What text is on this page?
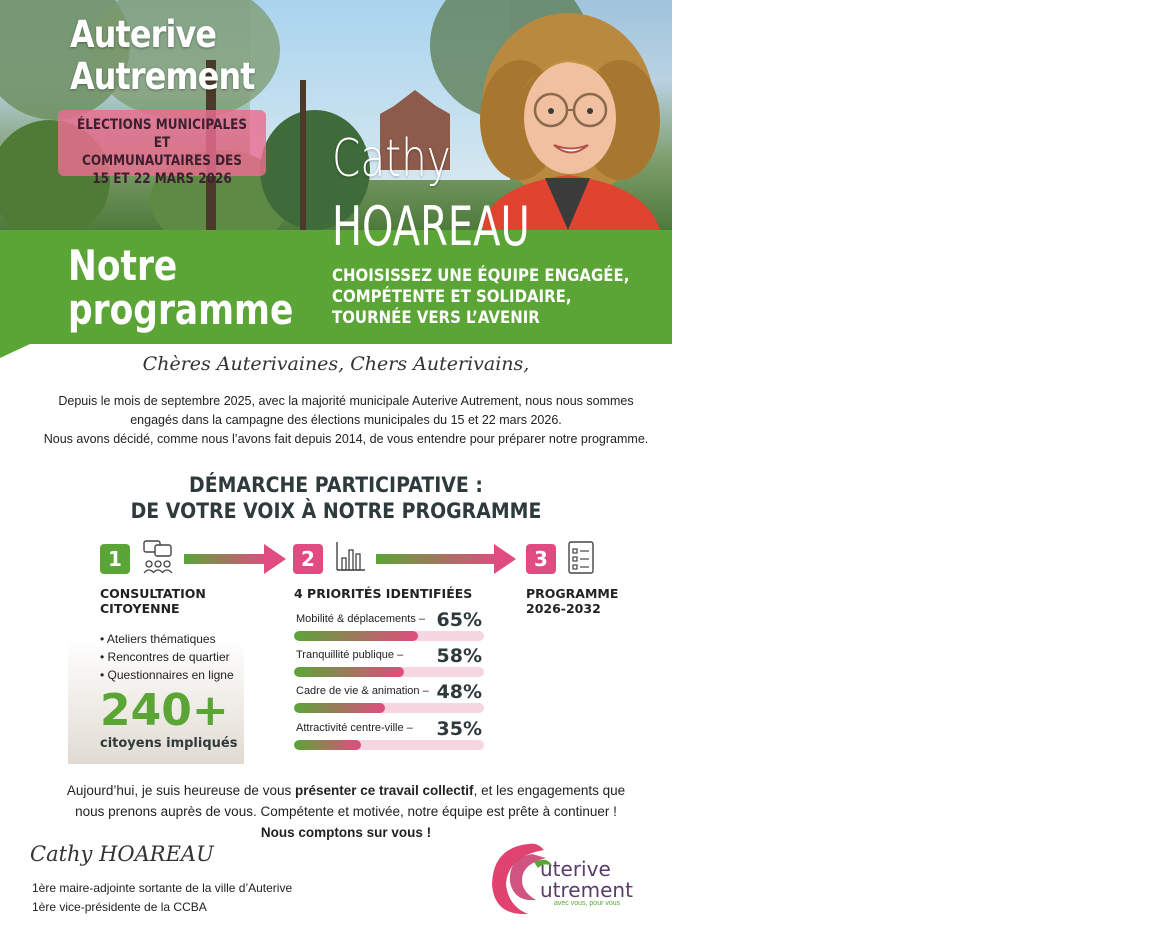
Auterive
Autrement
ÉLECTIONS MUNICIPALES ET
COMMUNAUTAIRES DES
15 ET 22 MARS 2026	Cathy
HOAREAU
Notre
programme
CHOISISSEZ UNE ÉQUIPE ENGAGÉE,
COMPÉTENTE ET SOLIDAIRE,
TOURNÉE VERS L’AVENIR
Chères Auterivaines, Chers Auterivains,
Depuis le mois de septembre 2025, avec la majorité municipale Auterive Autrement, nous nous sommes
engagés dans la campagne des élections municipales du 15 et 22 mars 2026.
Nous avons décidé, comme nous l’avons fait depuis 2014, de vous entendre pour préparer notre programme.
DÉMARCHE PARTICIPATIVE :
DE VOTRE VOIX À NOTRE PROGRAMME
1	2	3
CONSULTATION
CITOYENNE
4 PRIORITÉS IDENTIFIÉES	PROGRAMME
2026-2032
• Ateliers thématiques
• Rencontres de quartier
• Questionnaires en ligne
240+
citoyens impliqués
Mobilité & déplacements – 65%
Tranquillité publique – 58%
Cadre de vie & animation – 48%
Attractivité centre-ville – 35%
Aujourd’hui, je suis heureuse de vous présenter ce travail collectif, et les engagements que
nous prenons auprès de vous. Compétente et motivée, notre équipe est prête à continuer !
Nous comptons sur vous !
Cathy HOAREAU
1ère maire-adjointe sortante de la ville d’Auterive
1ère vice-présidente de la CCBA
uterive
utrement
avec vous, pour vous
